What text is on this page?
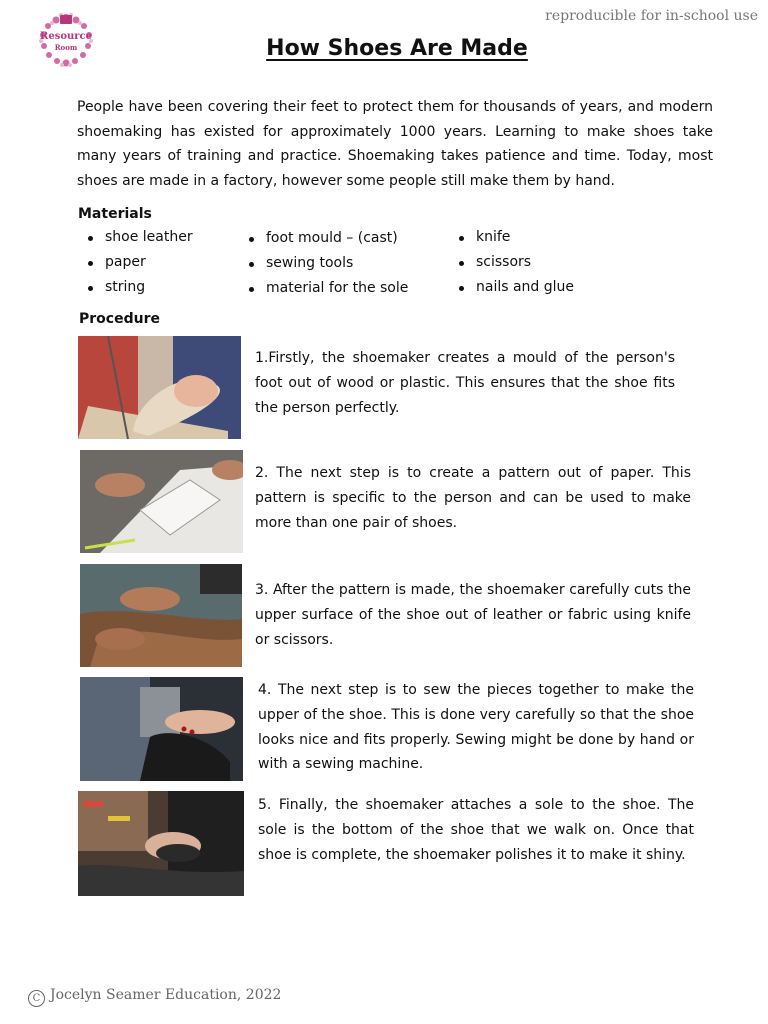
reproducible for in-school use
Resource
Room	How Shoes Are Made

People have been covering their feet to protect them for thousands of years, and modern shoemaking has existed for approximately 1000 years. Learning to make shoes take many years of training and practice. Shoemaking takes patience and time. Today, most shoes are made in a factory, however some people still make them by hand.

Materials
shoe leather
paper
string
foot mould – (cast)
sewing tools
material for the sole
knife
scissors
nails and glue
Procedure

1.Firstly, the shoemaker creates a mould of the person's foot out of wood or plastic. This ensures that the shoe fits the person perfectly.

2. The next step is to create a pattern out of paper. This pattern is specific to the person and can be used to make more than one pair of shoes.

3. After the pattern is made, the shoemaker carefully cuts the upper surface of the shoe out of leather or fabric using knife or scissors.

4. The next step is to sew the pieces together to make the upper of the shoe. This is done very carefully so that the shoe looks nice and fits properly. Sewing might be done by hand or with a sewing machine.

5. Finally, the shoemaker attaches a sole to the shoe. The sole is the bottom of the shoe that we walk on. Once that shoe is complete, the shoemaker polishes it to make it shiny.

C Jocelyn Seamer Education, 2022
